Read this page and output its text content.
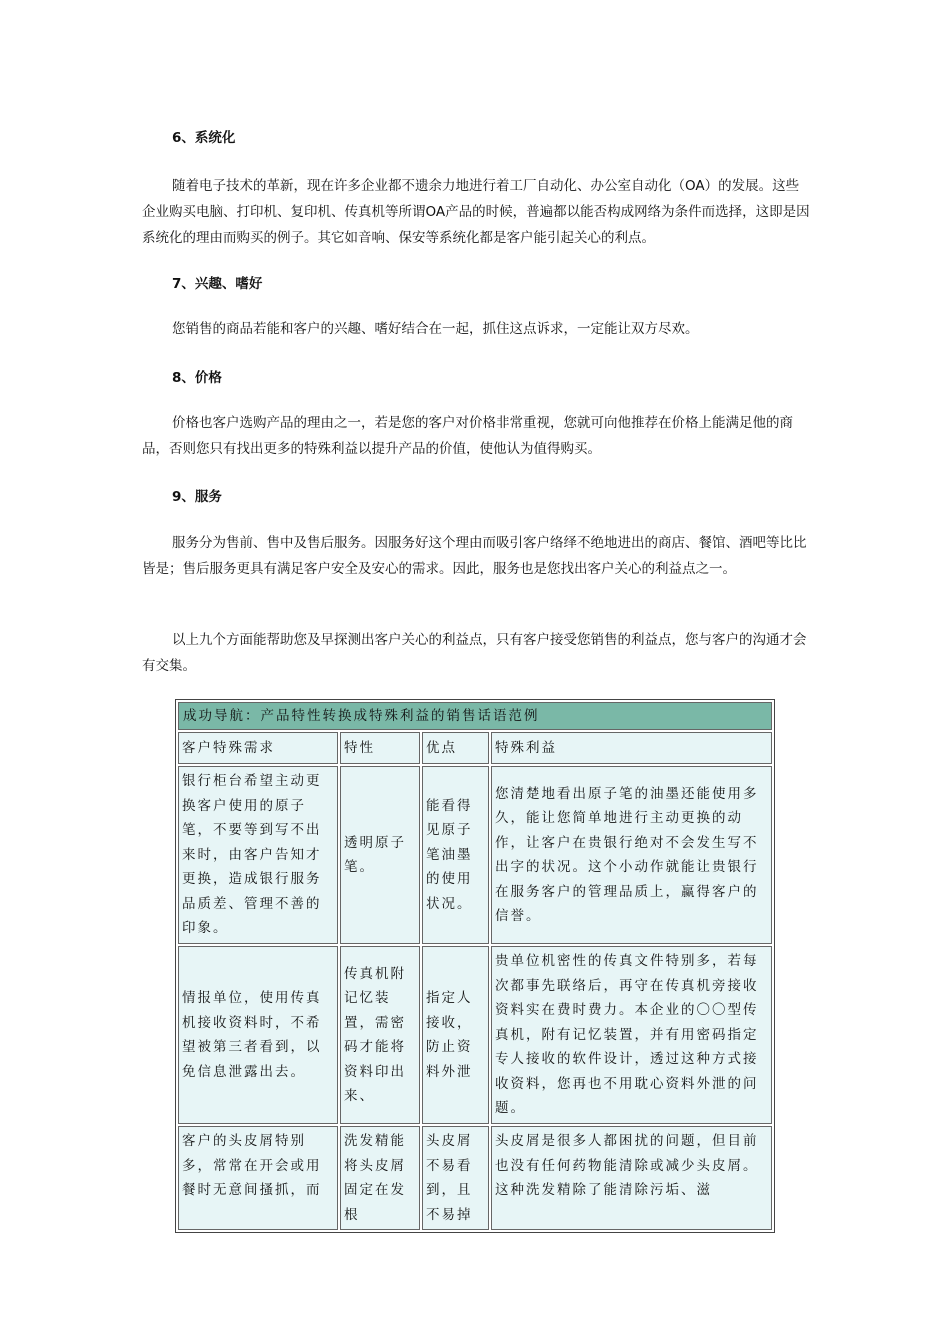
6、系统化
随着电子技术的革新，现在许多企业都不遗余力地进行着工厂自动化、办公室自动化（OA）的发展。这些企业购买电脑、打印机、复印机、传真机等所谓OA产品的时候，普遍都以能否构成网络为条件而选择，这即是因系统化的理由而购买的例子。其它如音响、保安等系统化都是客户能引起关心的利点。
7、兴趣、嗜好
您销售的商品若能和客户的兴趣、嗜好结合在一起，抓住这点诉求，一定能让双方尽欢。
8、价格
价格也客户选购产品的理由之一，若是您的客户对价格非常重视，您就可向他推荐在价格上能满足他的商品，否则您只有找出更多的特殊利益以提升产品的价值，使他认为值得购买。
9、服务
服务分为售前、售中及售后服务。因服务好这个理由而吸引客户络绎不绝地进出的商店、餐馆、酒吧等比比皆是；售后服务更具有满足客户安全及安心的需求。因此，服务也是您找出客户关心的利益点之一。
以上九个方面能帮助您及早探测出客户关心的利益点，只有客户接受您销售的利益点，您与客户的沟通才会有交集。
成功导航：产品特性转换成特殊利益的销售话语范例			
客户特殊需求	特性	优点	特殊利益
银行柜台希望主动更换客户使用的原子笔，不要等到写不出来时，由客户告知才更换，造成银行服务品质差、管理不善的印象。	透明原子笔。	能看得见原子笔油墨的使用状况。	您清楚地看出原子笔的油墨还能使用多久，能让您简单地进行主动更换的动作，让客户在贵银行绝对不会发生写不出字的状况。这个小动作就能让贵银行在服务客户的管理品质上，赢得客户的信誉。
情报单位，使用传真机接收资料时，不希望被第三者看到，以免信息泄露出去。	传真机附记忆装置，需密码才能将资料印出来、	指定人接收，防止资料外泄	贵单位机密性的传真文件特别多，若每次都事先联络后，再守在传真机旁接收资料实在费时费力。本企业的〇〇型传真机，附有记忆装置，并有用密码指定专人接收的软件设计，透过这种方式接收资料，您再也不用耽心资料外泄的问题。
客户的头皮屑特别多，常常在开会或用餐时无意间搔抓，而	洗发精能将头皮屑固定在发根	头皮屑不易看到，且不易掉	头皮屑是很多人都困扰的问题，但目前也没有任何药物能清除或减少头皮屑。这种洗发精除了能清除污垢、滋
